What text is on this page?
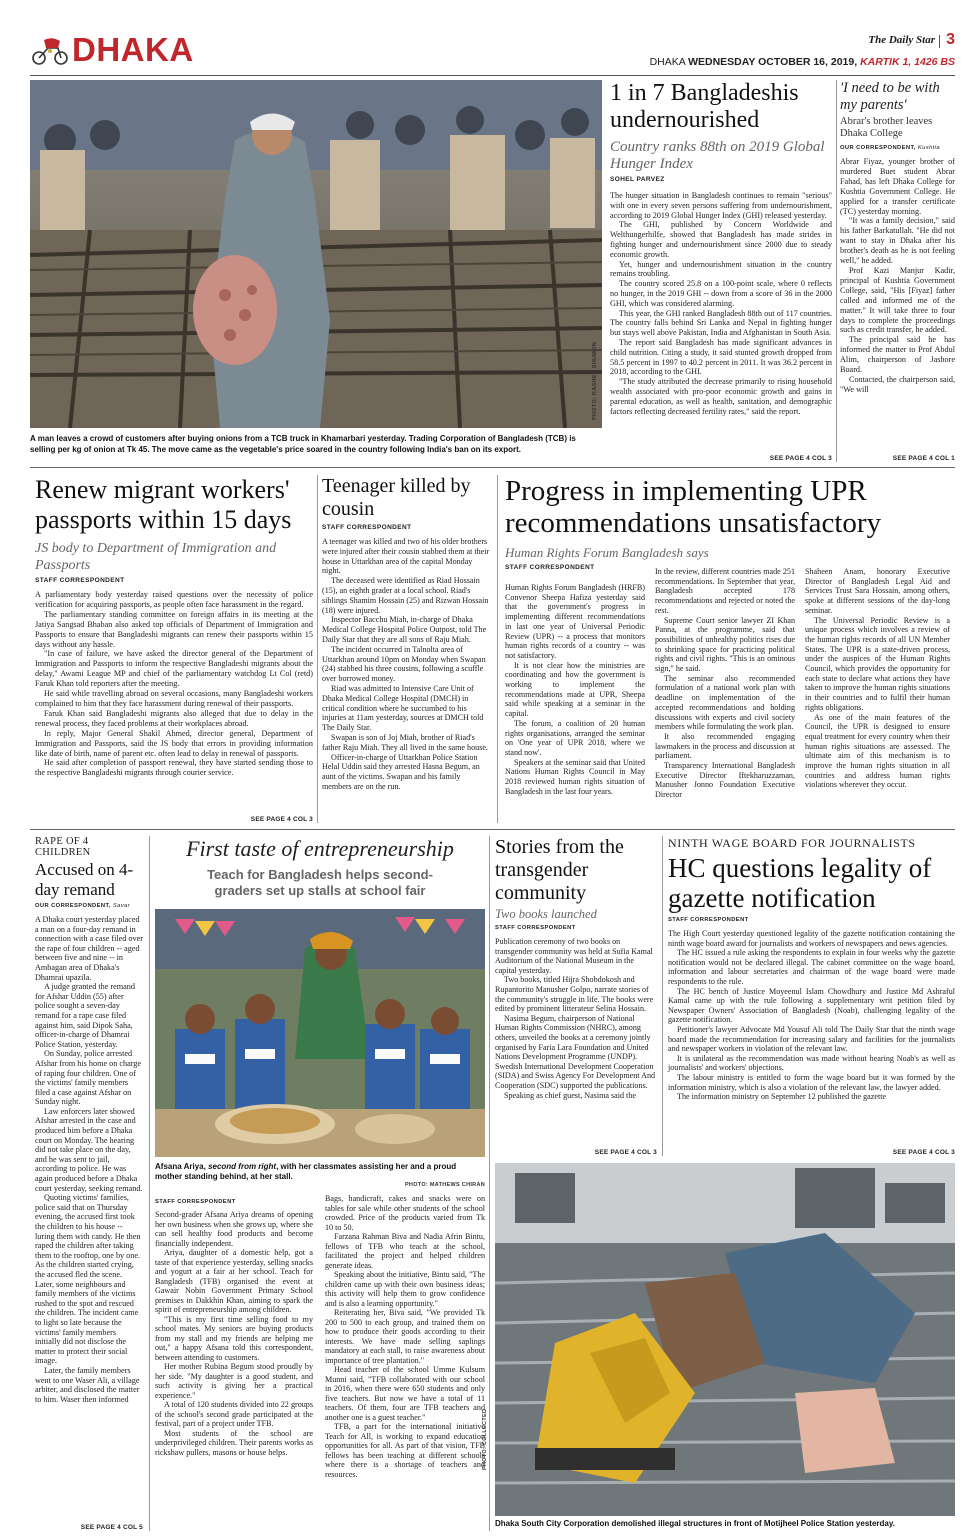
DHAKA	The Daily Star 3
DHAKA WEDNESDAY OCTOBER 16, 2019, KARTIK 1, 1426 BS
PHOTO: RASHED SHUMON
A man leaves a crowd of customers after buying onions from a TCB truck in Khamarbari yesterday. Trading Corporation of Bangladesh (TCB) is selling per kg of onion at Tk 45. The move came as the vegetable's price soared in the country following India's ban on its export.
1 in 7 Bangladeshis undernourished
Country ranks 88th on 2019 Global Hunger Index
SOHEL PARVEZ

The hunger situation in Bangladesh continues to remain "serious" with one in every seven persons suffering from undernourishment, according to 2019 Global Hunger Index (GHI) released yesterday.

The GHI, published by Concern Worldwide and Welthungerhilfe, showed that Bangladesh has made strides in fighting hunger and undernourishment since 2000 due to steady economic growth.

Yet, hunger and undernourishment situation in the country remains troubling.

The country scored 25.8 on a 100-point scale, where 0 reflects no hunger, in the 2019 GHI -- down from a score of 36 in the 2000 GHI, which was considered alarming.

This year, the GHI ranked Bangladesh 88th out of 117 countries. The country falls behind Sri Lanka and Nepal in fighting hunger but stays well above Pakistan, India and Afghanistan in South Asia.

The report said Bangladesh has made significant advances in child nutrition. Citing a study, it said stunted growth dropped from 58.5 percent in 1997 to 40.2 percent in 2011. It was 36.2 percent in 2018, according to the GHI.

"The study attributed the decrease primarily to rising household wealth associated with pro-poor economic growth and gains in parental education, as well as health, sanitation, and demographic factors reflecting decreased fertility rates," said the report.

SEE PAGE 4 COL 3
'I need to be with my parents'
Abrar's brother leaves Dhaka College
OUR CORRESPONDENT, Kushtia

Abrar Fiyaz, younger brother of murdered Buet student Abrar Fahad, has left Dhaka College for Kushtia Government College. He applied for a transfer certificate (TC) yesterday morning.

"It was a family decision," said his father Barkatullah. "He did not want to stay in Dhaka after his brother's death as he is not feeling well," he added.

Prof Kazi Manjur Kadir, principal of Kushtia Government College, said, "His [Fiyaz] father called and informed me of the matter." It will take three to four days to complete the proceedings such as credit transfer, he added.

The principal said he has informed the matter to Prof Abdul Alim, chairperson of Jashore Board.

Contacted, the chairperson said, "We will

SEE PAGE 4 COL 1
Renew migrant workers' passports within 15 days
JS body to Department of Immigration and Passports
STAFF CORRESPONDENT

A parliamentary body yesterday raised questions over the necessity of police verification for acquiring passports, as people often face harassment in the regard.

The parliamentary standing committee on foreign affairs in its meeting at the Jatiya Sangsad Bhaban also asked top officials of Department of Immigration and Passports to ensure that Bangladeshi migrants can renew their passports within 15 days without any hassle.

"In case of failure, we have asked the director general of the Department of Immigration and Passports to inform the respective Bangladeshi migrants about the delay," Awami League MP and chief of the parliamentary watchdog Lt Col (retd) Faruk Khan told reporters after the meeting.

He said while travelling abroad on several occasions, many Bangladeshi workers complained to him that they face harassment during renewal of their passports.

Faruk Khan said Bangladeshi migrants also alleged that due to delay in the renewal process, they faced problems at their workplaces abroad.

In reply, Major General Shakil Ahmed, director general, Department of Immigration and Passports, said the JS body that errors in providing information like date of birth, name of parent etc. often lead to delay in renewal of passports.

He said after completion of passport renewal, they have started sending those to the respective Bangladeshi migrants through courier service.

SEE PAGE 4 COL 3
Teenager killed by cousin
STAFF CORRESPONDENT

A teenager was killed and two of his older brothers were injured after their cousin stabbed them at their house in Uttarkhan area of the capital Monday night.

The deceased were identified as Riad Hossain (15), an eighth grader at a local school. Riad's siblings Shamim Hossain (25) and Rizwan Hossain (18) were injured.

Inspector Bacchu Miah, in-charge of Dhaka Medical College Hospital Police Outpost, told The Daily Star that they are all sons of Raju Miah.

The incident occurred in Talnolta area of Uttarkhan around 10pm on Monday when Swapan (24) stabbed his three cousins, following a scuffle over borrowed money.

Riad was admitted to Intensive Care Unit of Dhaka Medical College Hospital (DMCH) in critical condition where he succumbed to his injuries at 11am yesterday, sources at DMCH told The Daily Star.

Swapan is son of Joj Miah, brother of Riad's father Raju Miah. They all lived in the same house.

Officer-in-charge of Uttarkhan Police Station Helal Uddin said they arrested Hasna Begum, an aunt of the victims. Swapan and his family members are on the run.

Progress in implementing UPR recommendations unsatisfactory
Human Rights Forum Bangladesh says
STAFF CORRESPONDENT

Human Rights Forum Bangladesh (HRFB) Convenor Sheepa Hafiza yesterday said that the government's progress in implementing different recommendations in last one year of Universal Periodic Review (UPR) -- a process that monitors human rights records of a country -- was not satisfactory.

It is not clear how the ministries are coordinating and how the government is working to implement the recommendations made at UPR, Sheepa said while speaking at a seminar in the capital.

The forum, a coalition of 20 human rights organisations, arranged the seminar on 'One year of UPR 2018, where we stand now'.

Speakers at the seminar said that United Nations Human Rights Council in May 2018 reviewed human rights situation of Bangladesh in the last four years.

In the review, different countries made 251 recommendations. In September that year, Bangladesh accepted 178 recommendations and rejected or noted the rest.

Supreme Court senior lawyer ZI Khan Panna, at the programme, said that possibilities of unhealthy politics rises due to shrinking space for practicing political rights and civil rights. "This is an ominous sign," he said.

The seminar also recommended formulation of a national work plan with deadline on implementation of the accepted recommendations and holding discussions with experts and civil society members while formulating the work plan.

It also recommended engaging lawmakers in the process and discussion at parliament.

Transparency International Bangladesh Executive Director Iftekharuzzaman, Manusher Jonno Foundation Executive Director

Shaheen Anam, honorary Executive Director of Bangladesh Legal Aid and Services Trust Sara Hossain, among others, spoke at different sessions of the day-long seminar.

The Universal Periodic Review is a unique process which involves a review of the human rights records of all UN Member States. The UPR is a state-driven process, under the auspices of the Human Rights Council, which provides the opportunity for each state to declare what actions they have taken to improve the human rights situations in their countries and to fulfil their human rights obligations.

As one of the main features of the Council, the UPR is designed to ensure equal treatment for every country when their human rights situations are assessed. The ultimate aim of this mechanism is to improve the human rights situation in all countries and address human rights violations wherever they occur.

RAPE OF 4 CHILDREN
Accused on 4-day remand
OUR CORRESPONDENT, Savar

A Dhaka court yesterday placed a man on a four-day remand in connection with a case filed over the rape of four children -- aged between five and nine -- in Ambagan area of Dhaka's Dhamrai upazila.

A judge granted the remand for Afshar Uddin (55) after police sought a seven-day remand for a rape case filed against him, said Dipok Saha, officer-in-charge of Dhamrai Police Station, yesterday.

On Sunday, police arrested Afshar from his home on charge of raping four children. One of the victims' family members filed a case against Afshar on Sunday night.

Law enforcers later showed Afshar arrested in the case and produced him before a Dhaka court on Monday. The hearing did not take place on the day, and he was sent to jail, according to police. He was again produced before a Dhaka court yesterday, seeking remand.

Quoting victims' families, police said that on Thursday evening, the accused first took the children to his house -- luring them with candy. He then raped the children after taking them to the rooftop, one by one. As the children started crying, the accused fled the scene. Later, some neighbours and family members of the victims rushed to the spot and rescued the children. The incident came to light so late because the victims' family members initially did not disclose the matter to protect their social image.

Later, the family members went to one Waser Ali, a village arbiter, and disclosed the matter to him. Waser then informed

SEE PAGE 4 COL 5
First taste of entrepreneurship
Teach for Bangladesh helps second-graders set up stalls at school fair
Afsana Ariya, second from right, with her classmates assisting her and a proud mother standing behind, at her stall.
PHOTO: MATHEWS CHIRAN
STAFF CORRESPONDENT

Second-grader Afsana Ariya dreams of opening her own business when she grows up, where she can sell healthy food products and become financially independent.

Ariya, daughter of a domestic help, got a taste of that experience yesterday, selling snacks and yogurt at a fair at her school. Teach for Bangladesh (TFB) organised the event at Gawair Nobin Government Primary School premises in Dakkhin Khan, aiming to spark the spirit of entrepreneurship among children.

"This is my first time selling food to my school mates. My seniors are buying products from my stall and my friends are helping me out," a happy Afsana told this correspondent, between attending to customers.

Her mother Rubina Begum stood proudly by her side. "My daughter is a good student, and such activity is giving her a practical experience."

A total of 120 students divided into 22 groups of the school's second grade participated at the festival, part of a project under TFB.

Most students of the school are underprivileged children. Their parents works as rickshaw pullers, masons or house helps.

Bags, handicraft, cakes and snacks were on tables for sale while other students of the school crowded. Price of the products varied from Tk 10 to 50.

Farzana Rahman Biva and Nadia Afrin Bintu, fellows of TFB who teach at the school, facilitated the project and helped children generate ideas.

Speaking about the initiative, Bintu said, "The children came up with their own business ideas; this activity will help them to grow confidence and is also a learning opportunity."

Reiterating her, Biva said, "We provided Tk 200 to 500 to each group, and trained them on how to produce their goods according to their interests. We have made selling saplings mandatory at each stall, to raise awareness about importance of tree plantation."

Head teacher of the school Umme Kulsum Munni said, "TFB collaborated with our school in 2016, when there were 650 students and only five teachers. But now we have a total of 11 teachers. Of them, four are TFB teachers and another one is a guest teacher."

TFB, a part for the international initiative Teach for All, is working to expand education opportunities for all. As part of that vision, TFB fellows has been teaching at different schools where there is a shortage of teachers and resources.

Stories from the transgender community
Two books launched
STAFF CORRESPONDENT

Publication ceremony of two books on transgender community was held at Sufia Kamal Auditorium of the National Museum in the capital yesterday.

Two books, titled Hijra Shobdokosh and Rupantorito Manusher Golpo, narrate stories of the community's struggle in life. The books were edited by prominent litterateur Selina Hossain.

Nasima Begum, chairperson of National Human Rights Commission (NHRC), among others, unveiled the books at a ceremony jointly organised by Faria Lara Foundation and United Nations Development Programme (UNDP). Swedish International Development Cooperation (SIDA) and Swiss Agency For Development And Cooperation (SDC) supported the publications.

Speaking as chief guest, Nasima said the

SEE PAGE 4 COL 3
NINTH WAGE BOARD FOR JOURNALISTS
HC questions legality of gazette notification
STAFF CORRESPONDENT

The High Court yesterday questioned legality of the gazette notification containing the ninth wage board award for journalists and workers of newspapers and news agencies.

The HC issued a rule asking the respondents to explain in four weeks why the gazette notification would not be declared illegal. The cabinet committee on the wage board, information and labour secretaries and chairman of the wage board were made respondents to the rule.

The HC bench of Justice Moyeenul Islam Chowdhury and Justice Md Ashraful Kamal came up with the rule following a supplementary writ petition filed by Newspaper Owners' Association of Bangladesh (Noab), challenging legality of the gazette notification.

Petitioner's lawyer Advocate Md Yousuf Ali told The Daily Star that the ninth wage board made the recommendation for increasing salary and facilities for the journalists and newspaper workers in violation of the relevant law.

It is unilateral as the recommendation was made without hearing Noab's as well as journalists' and workers' objections.

The labour ministry is entitled to form the wage board but it was formed by the information ministry, which is also a violation of the relevant law, the lawyer added.

The information ministry on September 12 published the gazette

SEE PAGE 4 COL 3
PHOTO: COLLECTED
Dhaka South City Corporation demolished illegal structures in front of Motijheel Police Station yesterday.
